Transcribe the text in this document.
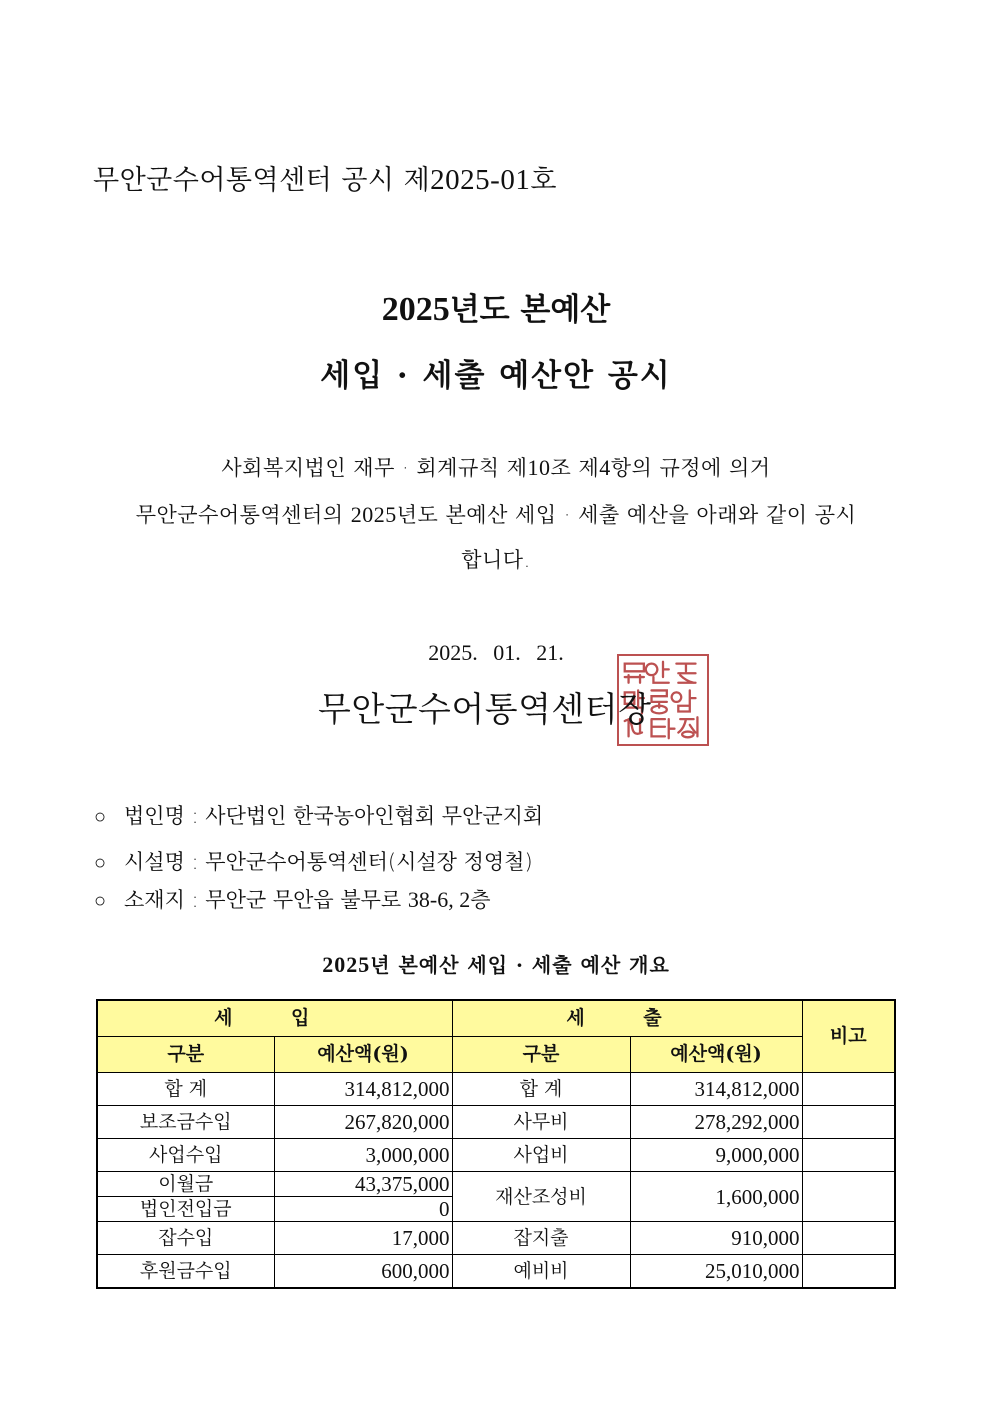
무안군수어통역센터 공시 제2025-01호
2025년도 본예산
세입 · 세출 예산안 공시
사회복지법인 재무 · 회계규칙 제10조 제4항의 규정에 의거
무안군수어통역센터의 2025년도 본예산 세입 · 세출 예산을 아래와 같이 공시
합니다.
2025. 01. 21.
무안군수어통역센터장
○ 법인명 : 사단법인 한국농아인협회 무안군지회
○ 시설명 : 무안군수어통역센터(시설장 정영철)
○ 소재지 : 무안군 무안읍 불무로 38-6, 2층
2025년 본예산 세입 · 세출 예산 개요
세 입		세 출		비고
구분	예산액(원)	구분	예산액(원)	
합 계	314,812,000	합 계	314,812,000	
보조금수입	267,820,000	사무비	278,292,000	
사업수입	3,000,000	사업비	9,000,000	
이월금	43,375,000	재산조성비	1,600,000	
법인전입금	0			
잡수입	17,000	잡지출	910,000	
후원금수입	600,000	예비비	25,010,000	
